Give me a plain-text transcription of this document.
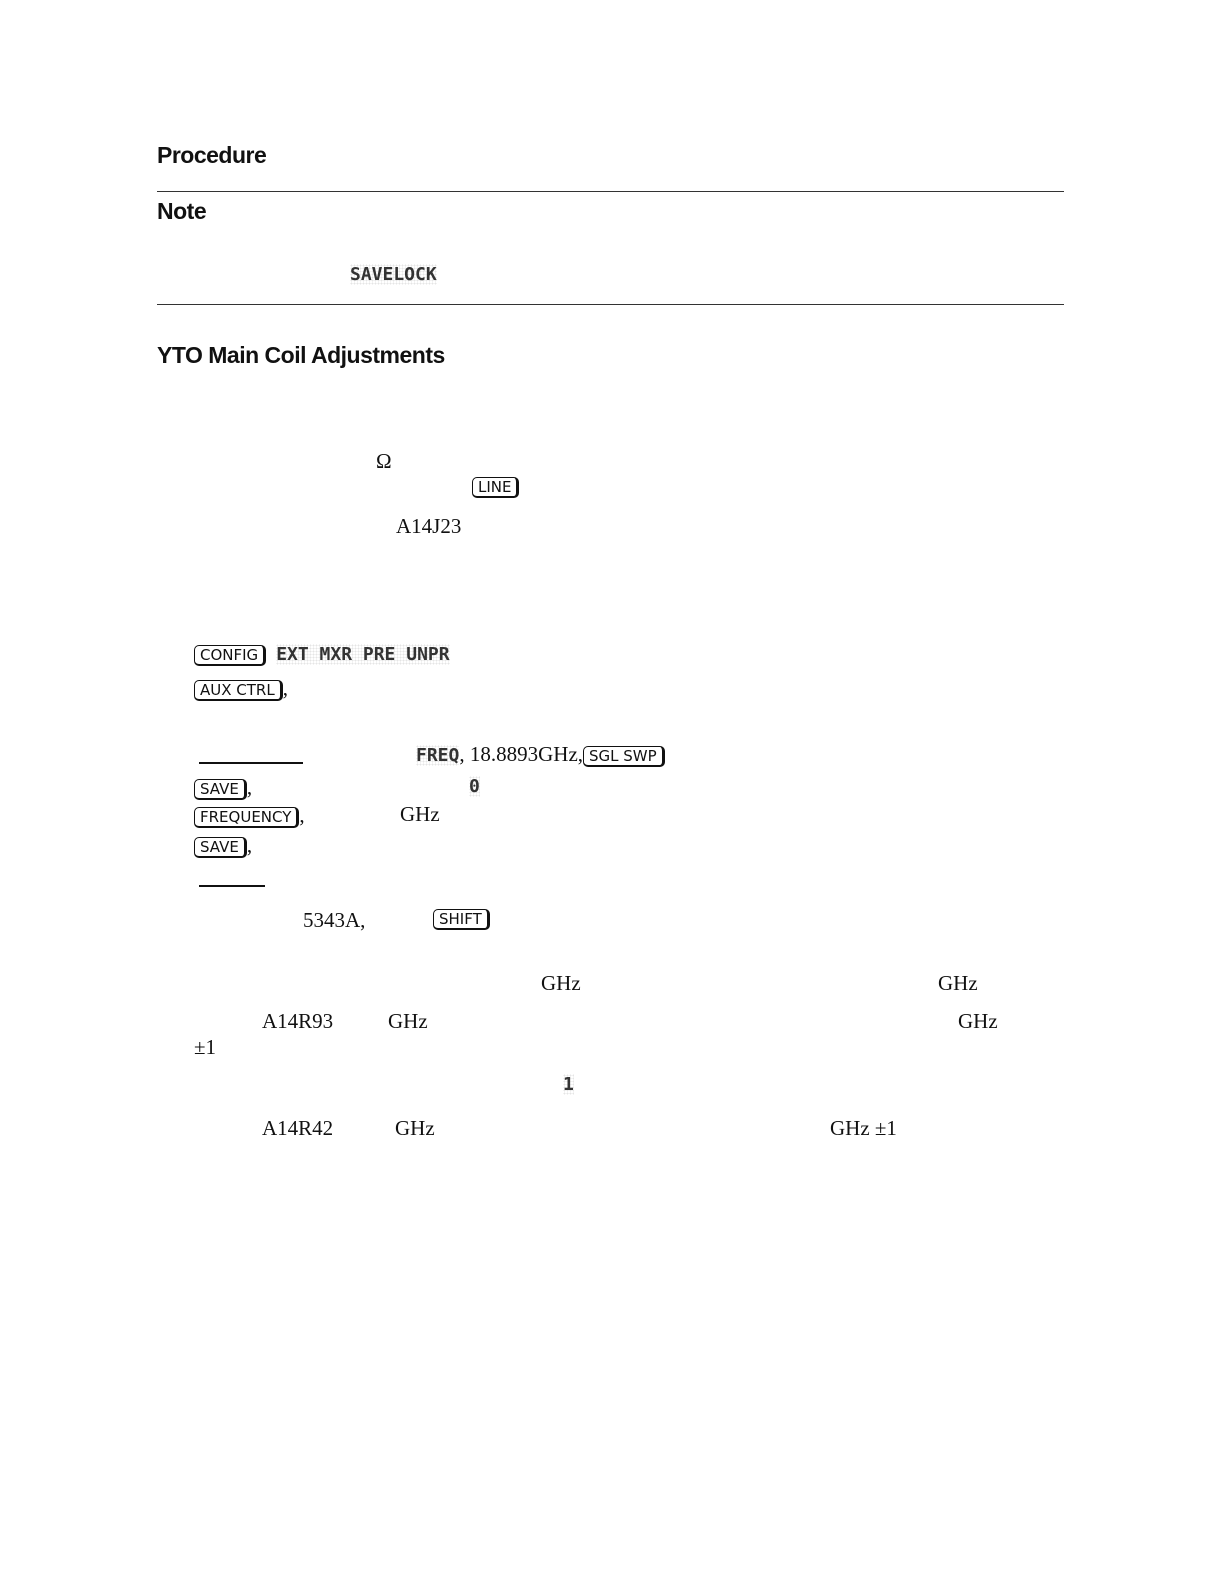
Procedure
Note
SAVELOCK
YTO Main Coil Adjustments
Ω
LINE
A14J23
CONFIG EXT MXR PRE UNPR
AUX CTRL ,
FREQ, 18.8893GHz, SGL SWP
SAVE ,	0
FREQUENCY ,	GHz
SAVE ,
5343A,	SHIFT
GHz	GHz
A14R93	GHz	GHz
±1
1
A14R42	GHz	GHz ±1
